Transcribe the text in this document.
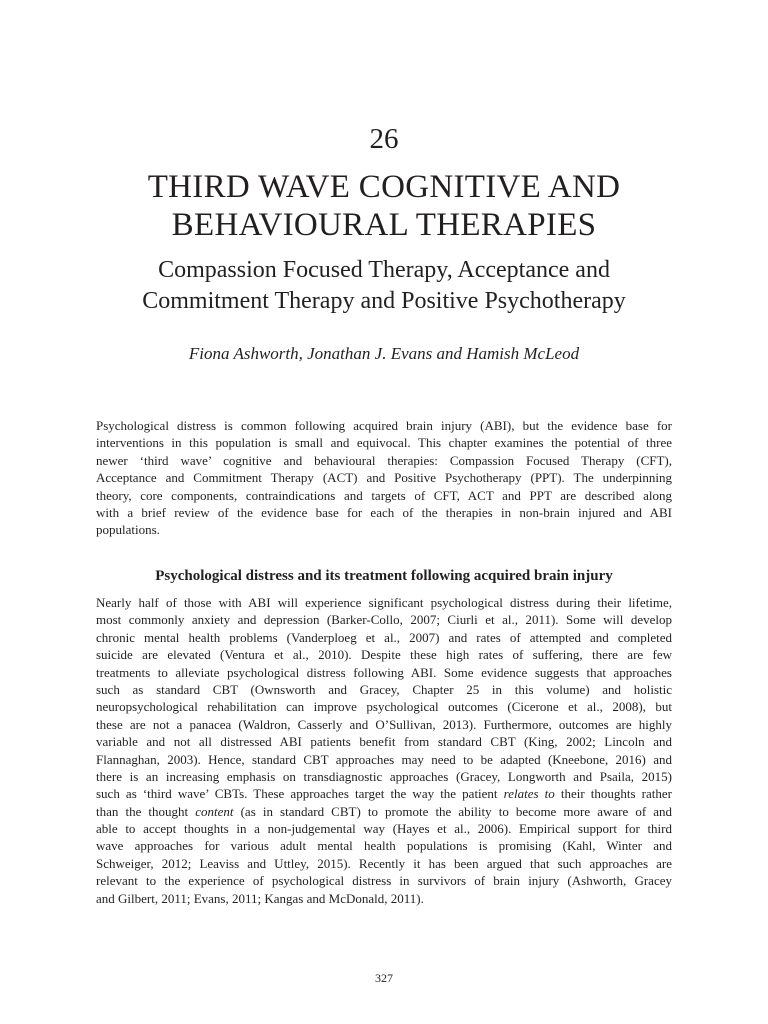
26
THIRD WAVE COGNITIVE AND
BEHAVIOURAL THERAPIES
Compassion Focused Therapy, Acceptance and
Commitment Therapy and Positive Psychotherapy
Fiona Ashworth, Jonathan J. Evans and Hamish McLeod
Psychological distress is common following acquired brain injury (ABI), but the evidence base for
interventions in this population is small and equivocal. This chapter examines the potential of three
newer ‘third wave’ cognitive and behavioural therapies: Compassion Focused Therapy (CFT),
Acceptance and Commitment Therapy (ACT) and Positive Psychotherapy (PPT). The underpinning
theory, core components, contraindications and targets of CFT, ACT and PPT are described along
with a brief review of the evidence base for each of the therapies in non-brain injured and ABI
populations.
Psychological distress and its treatment following acquired brain injury
Nearly half of those with ABI will experience significant psychological distress during their lifetime,
most commonly anxiety and depression (Barker-Collo, 2007; Ciurli et al., 2011). Some will develop
chronic mental health problems (Vanderploeg et al., 2007) and rates of attempted and completed
suicide are elevated (Ventura et al., 2010). Despite these high rates of suffering, there are few
treatments to alleviate psychological distress following ABI. Some evidence suggests that approaches
such as standard CBT (Ownsworth and Gracey, Chapter 25 in this volume) and holistic
neuropsychological rehabilitation can improve psychological outcomes (Cicerone et al., 2008), but
these are not a panacea (Waldron, Casserly and O’Sullivan, 2013). Furthermore, outcomes are highly
variable and not all distressed ABI patients benefit from standard CBT (King, 2002; Lincoln and
Flannaghan, 2003). Hence, standard CBT approaches may need to be adapted (Kneebone, 2016) and
there is an increasing emphasis on transdiagnostic approaches (Gracey, Longworth and Psaila, 2015)
such as ‘third wave’ CBTs. These approaches target the way the patient relates to their thoughts rather
than the thought content (as in standard CBT) to promote the ability to become more aware of and
able to accept thoughts in a non-judgemental way (Hayes et al., 2006). Empirical support for third
wave approaches for various adult mental health populations is promising (Kahl, Winter and
Schweiger, 2012; Leaviss and Uttley, 2015). Recently it has been argued that such approaches are
relevant to the experience of psychological distress in survivors of brain injury (Ashworth, Gracey
and Gilbert, 2011; Evans, 2011; Kangas and McDonald, 2011).
327
